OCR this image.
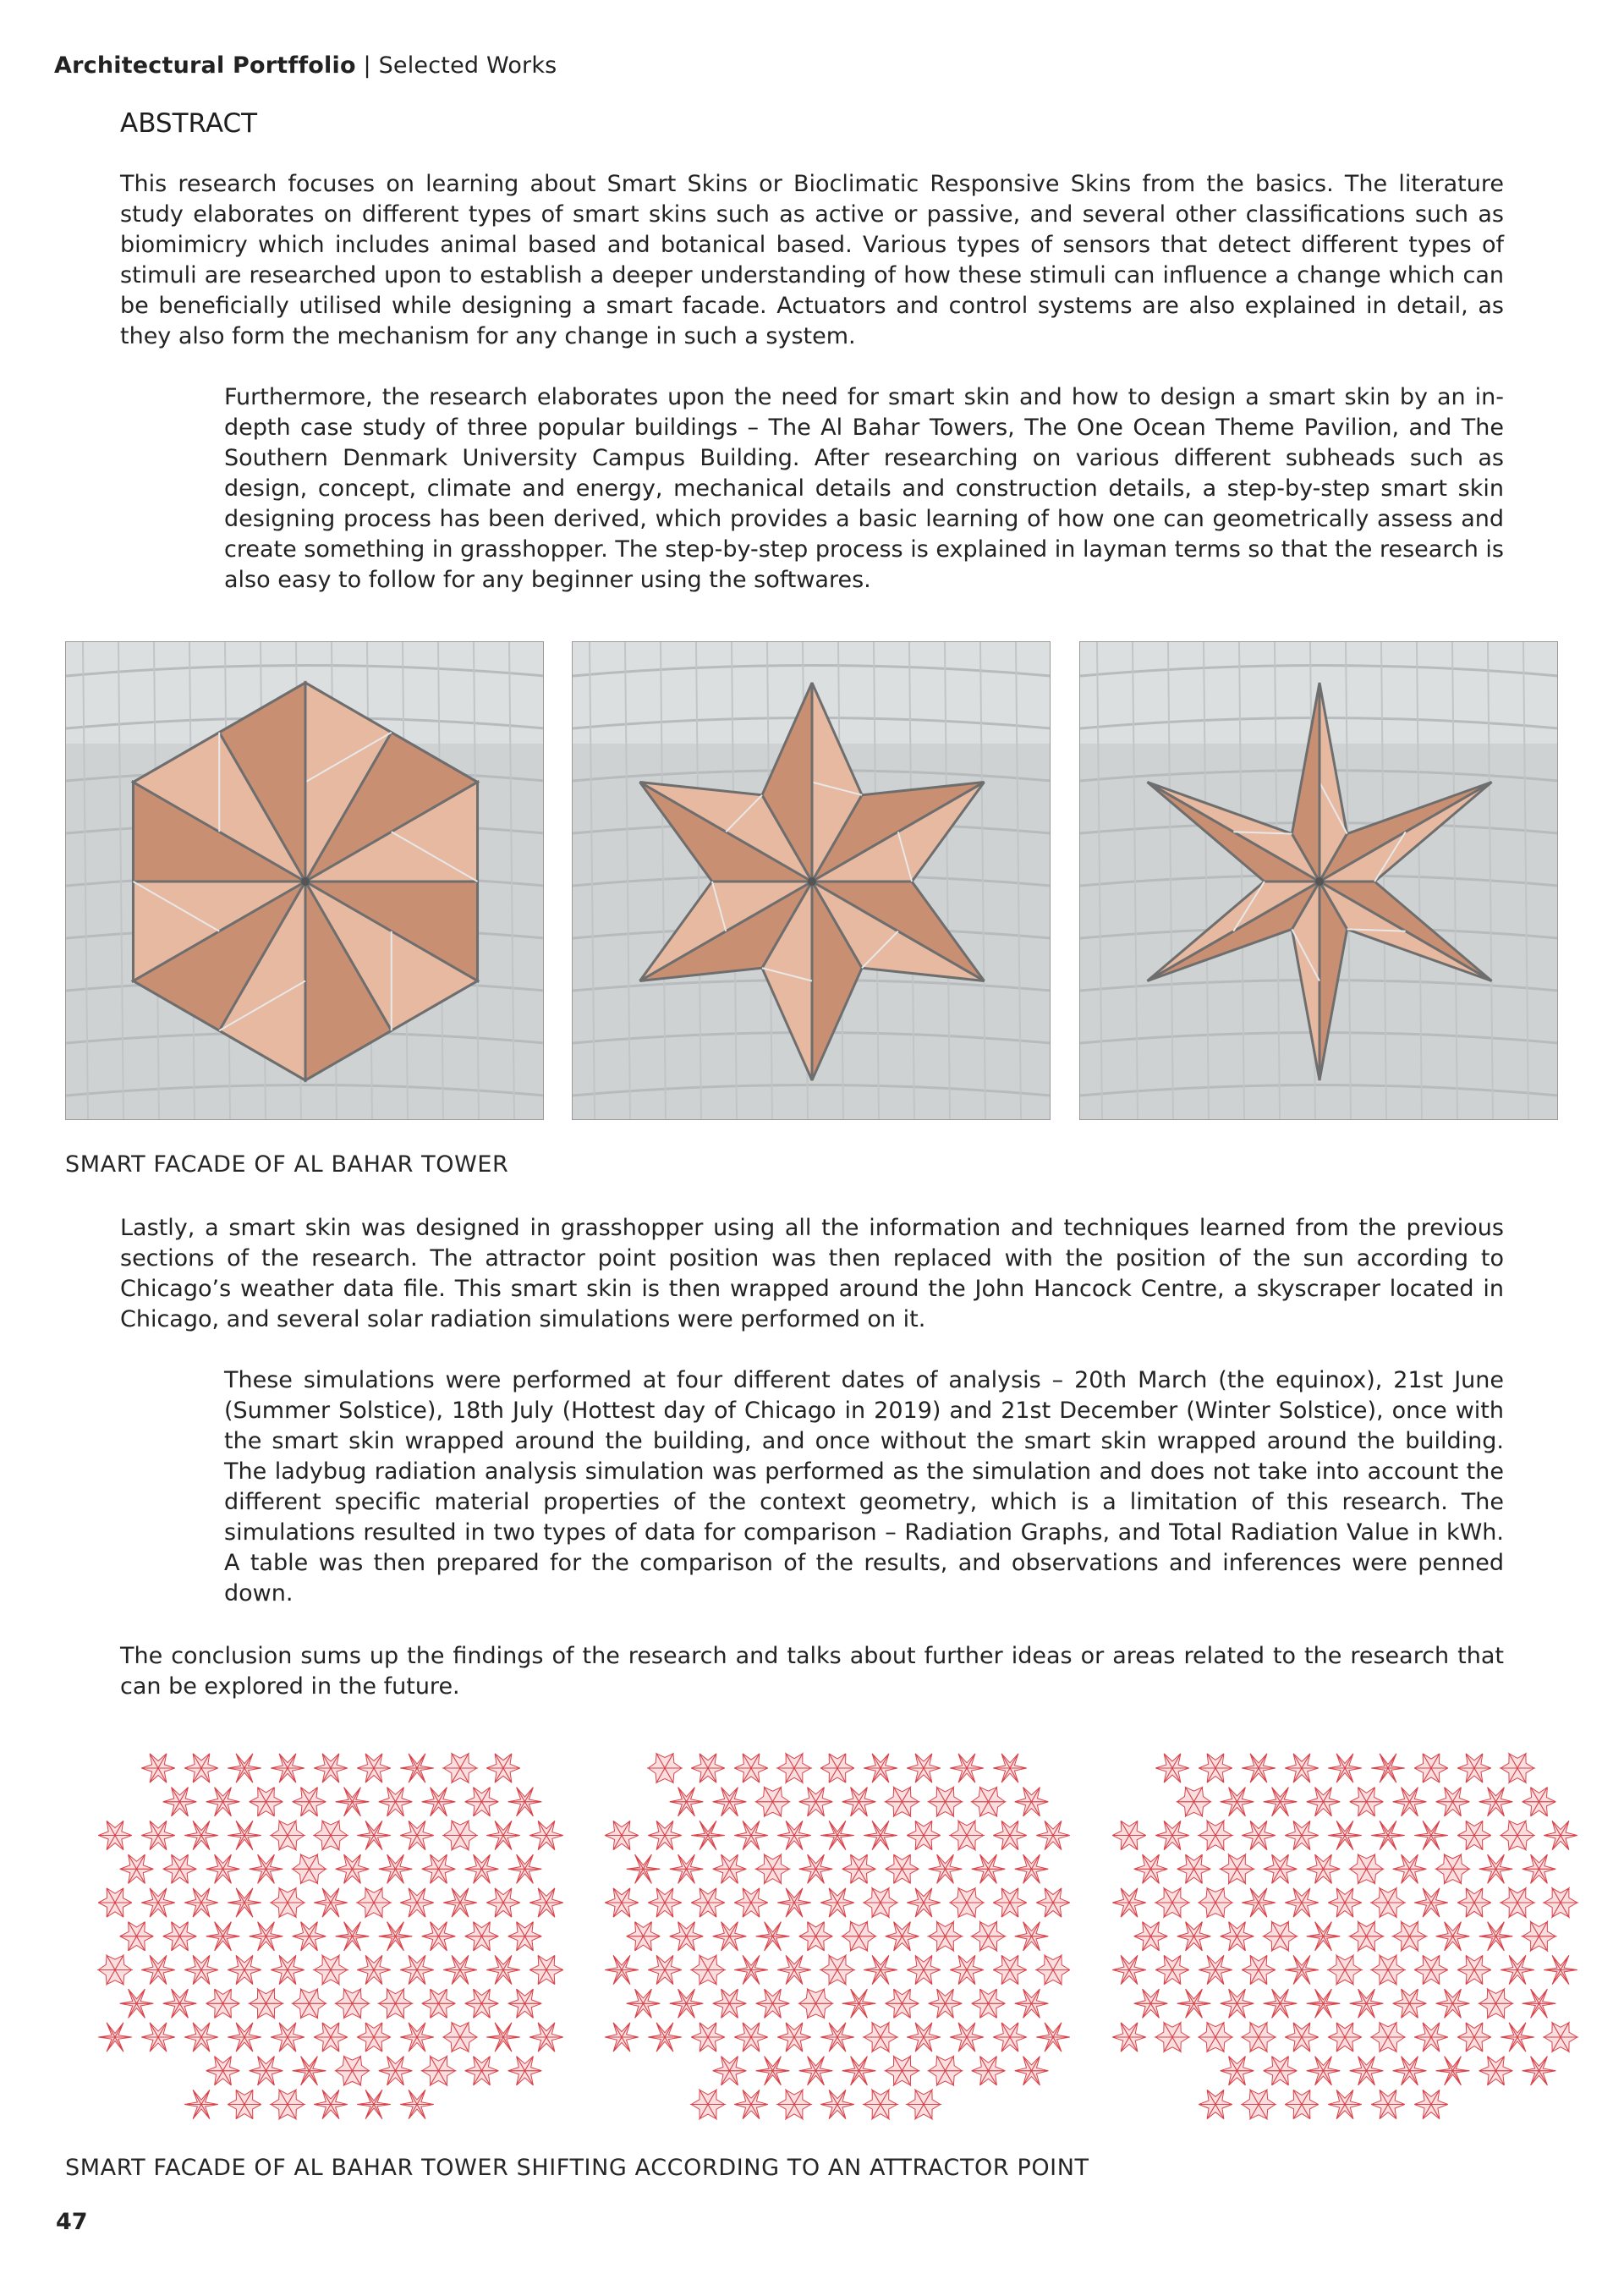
Architectural Portffolio | Selected Works
ABSTRACT

This research focuses on learning about Smart Skins or Bioclimatic Responsive Skins from the basics. The literature study elaborates on different types of smart skins such as active or passive, and several other classifications such as biomimicry which includes animal based and botanical based. Various types of sensors that detect different types of stimuli are researched upon to establish a deeper understanding of how these stimuli can influence a change which can be beneficially utilised while designing a smart facade. Actuators and control systems are also explained in detail, as they also form the mechanism for any change in such a system.

Furthermore, the research elaborates upon the need for smart skin and how to design a smart skin by an in-depth case study of three popular buildings – The Al Bahar Towers, The One Ocean Theme Pavilion, and The Southern Denmark University Campus Building. After researching on various different subheads such as design, concept, climate and energy, mechanical details and construction details, a step-by-step smart skin designing process has been derived, which provides a basic learning of how one can geometrically assess and create something in grasshopper. The step-by-step process is explained in layman terms so that the research is also easy to follow for any beginner using the softwares.

SMART FACADE OF AL BAHAR TOWER

Lastly, a smart skin was designed in grasshopper using all the information and techniques learned from the previous sections of the research. The attractor point position was then replaced with the position of the sun according to Chicago’s weather data file. This smart skin is then wrapped around the John Hancock Centre, a skyscraper located in Chicago, and several solar radiation simulations were performed on it.

These simulations were performed at four different dates of analysis – 20th March (the equinox), 21st June (Summer Solstice), 18th July (Hottest day of Chicago in 2019) and 21st December (Winter Solstice), once with the smart skin wrapped around the building, and once without the smart skin wrapped around the building. The ladybug radiation analysis simulation was performed as the simulation and does not take into account the different specific material properties of the context geometry, which is a limitation of this research. The simulations resulted in two types of data for comparison – Radiation Graphs, and Total Radiation Value in kWh. A table was then prepared for the comparison of the results, and observations and inferences were penned down.

The conclusion sums up the findings of the research and talks about further ideas or areas related to the research that can be explored in the future.

SMART FACADE OF AL BAHAR TOWER SHIFTING ACCORDING TO AN ATTRACTOR POINT
47
